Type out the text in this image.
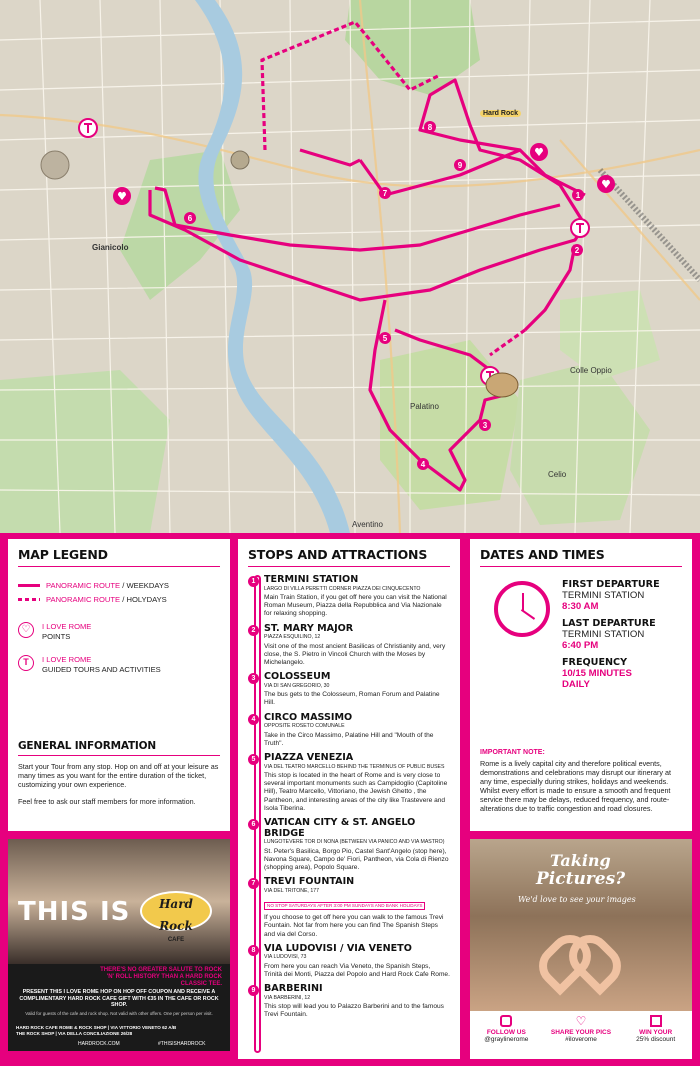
1
2
3
4
5
6
7
8
9
Gianicolo
Palatino
Colle Oppio
Celio
Aventino
Hard Rock
MAP LEGEND
PANORAMIC ROUTE / WEEKDAYS
PANORAMIC ROUTE / HOLYDAYS
♡	I LOVE ROME
POINTS
T	I LOVE ROME
GUIDED TOURS AND ACTIVITIES
GENERAL INFORMATION
Start your Tour from any stop. Hop on and off at your leisure as many times as you want for the entire duration of the ticket, customizing your own experience.
Feel free to ask our staff members for more information.
THIS IS	Hard Rock
CAFE
THERE'S NO GREATER SALUTE TO ROCK 'N' ROLL HISTORY THAN A HARD ROCK CLASSIC TEE.
PRESENT THIS I LOVE ROME HOP ON HOP OFF COUPON AND RECEIVE A COMPLIMENTARY HARD ROCK CAFE GIFT WITH €35 IN THE CAFE OR ROCK SHOP.
Valid for guests of the cafe and rock shop. Not valid with other offers. One per person per visit.
HARD ROCK CAFE ROME & ROCK SHOP | VIA VITTORIO VENETO 62 A/B
THE ROCK SHOP | VIA DELLA CONCILIAZIONE 26/28
HARDROCK.COM	#THISISHARDROCK
STOPS AND ATTRACTIONS
1 TERMINI STATION
LARGO DI VILLA PERETTI CORNER PIAZZA DEI CINQUECENTO
Main Train Station, if you get off here you can visit the National Roman Museum, Piazza della Repubblica and Via Nazionale for relaxing shopping.
2 ST. MARY MAJOR
PIAZZA ESQUILINO, 12
Visit one of the most ancient Basilicas of Christianity and, very close, the S. Pietro in Vincoli Church with the Moses by Michelangelo.
3 COLOSSEUM
VIA DI SAN GREGORIO, 30
The bus gets to the Colosseum, Roman Forum and Palatine Hill.
4 CIRCO MASSIMO
OPPOSITE ROSETO COMUNALE
Take in the Circo Massimo, Palatine Hill and "Mouth of the Truth".
5 PIAZZA VENEZIA
VIA DEL TEATRO MARCELLO BEHIND THE TERMINUS OF PUBLIC BUSES
This stop is located in the heart of Rome and is very close to several important monuments such as Campidoglio (Capitoline Hill), Teatro Marcello, Vittoriano, the Jewish Ghetto , the Pantheon, and interesting areas of the city like Trastevere and Isola Tiberina.
6 VATICAN CITY & ST. ANGELO BRIDGE
LUNGOTEVERE TOR DI NONA (BETWEEN VIA PANICO AND VIA MASTRO)
St. Peter's Basilica, Borgo Pio, Castel Sant'Angelo (stop here), Navona Square, Campo de' Fiori, Pantheon, via Cola di Rienzo (shopping area), Popolo Square.
7 TREVI FOUNTAIN
VIA DEL TRITONE, 177
NO STOP SATURDAYS AFTER 3:00 PM SUNDAYS AND BANK HOLIDAYS
If you choose to get off here you can walk to the famous Trevi Fountain. Not far from here you can find The Spanish Steps and via del Corso.
8 VIA LUDOVISI / VIA VENETO
VIA LUDOVISI, 73
From here you can reach Via Veneto, the Spanish Steps, Trinità dei Monti, Piazza del Popolo and Hard Rock Cafe Rome.
9 BARBERINI
VIA BARBERINI, 12
This stop will lead you to Palazzo Barberini and to the famous Trevi Fountain.
DATES AND TIMES
FIRST DEPARTURE
TERMINI STATION
8:30 AM
LAST DEPARTURE
TERMINI STATION
6:40 PM
FREQUENCY
10/15 MINUTES
DAILY
IMPORTANT NOTE:
Rome is a lively capital city and therefore political events, demonstrations and celebrations may disrupt our itinerary at any time, especially during strikes, holidays and weekends. Whilst every effort is made to ensure a smooth and frequent service there may be delays, reduced frequency, and route-alterations due to traffic congestion and road closures.
Taking
Pictures?
We'd love to see your images
FOLLOW US
@graylinerome
♡
SHARE YOUR PICS
#iloverome
WIN YOUR
25% discount
